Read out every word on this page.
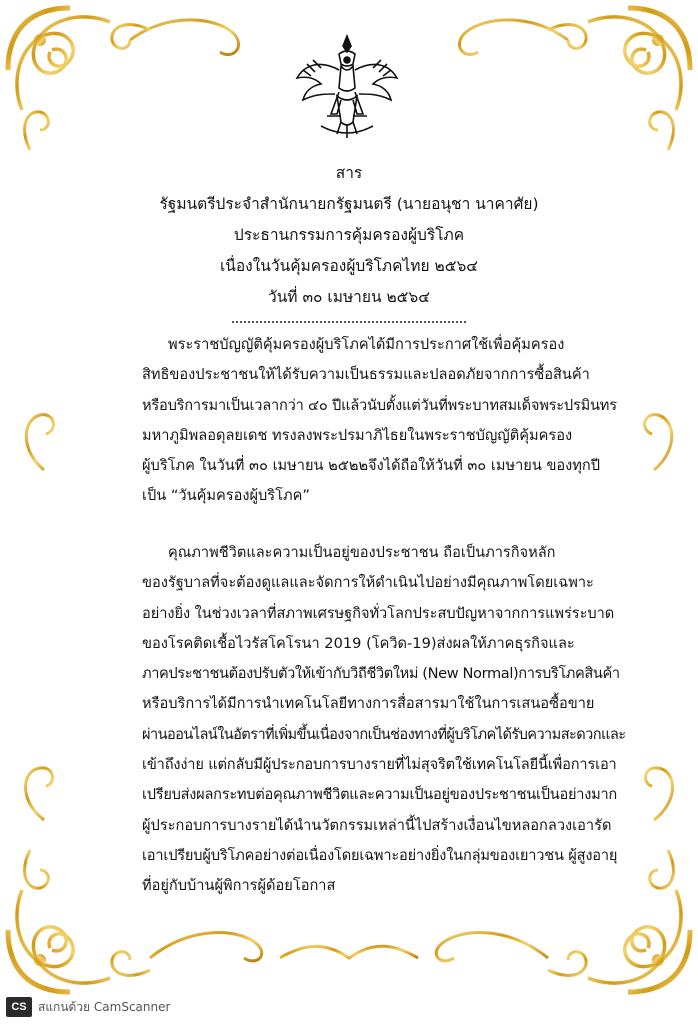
สาร
รัฐมนตรีประจำสำนักนายกรัฐมนตรี (นายอนุชา นาคาศัย)
ประธานกรรมการคุ้มครองผู้บริโภค
เนื่องในวันคุ้มครองผู้บริโภคไทย ๒๕๖๔
วันที่ ๓๐ เมษายน ๒๕๖๔
พระราชบัญญัติคุ้มครองผู้บริโภคได้มีการประกาศใช้เพื่อคุ้มครอง
สิทธิของประชาชนให้ได้รับความเป็นธรรมและปลอดภัยจากการซื้อสินค้า
หรือบริการมาเป็นเวลากว่า ๔๐ ปีแล้วนับตั้งแต่วันที่พระบาทสมเด็จพระปรมินทร
มหาภูมิพลอดุลยเดช ทรงลงพระปรมาภิไธยในพระราชบัญญัติคุ้มครอง
ผู้บริโภค ในวันที่ ๓๐ เมษายน ๒๕๒๒จึงได้ถือให้วันที่ ๓๐ เมษายน ของทุกปี
เป็น “วันคุ้มครองผู้บริโภค”
คุณภาพชีวิตและความเป็นอยู่ของประชาชน ถือเป็นภารกิจหลัก
ของรัฐบาลที่จะต้องดูแลและจัดการให้ดำเนินไปอย่างมีคุณภาพโดยเฉพาะ
อย่างยิ่ง ในช่วงเวลาที่สภาพเศรษฐกิจทั่วโลกประสบปัญหาจากการแพร่ระบาด
ของโรคติดเชื้อไวรัสโคโรนา 2019 (โควิด-19)ส่งผลให้ภาคธุรกิจและ
ภาคประชาชนต้องปรับตัวให้เข้ากับวิถีชีวิตใหม่ (New Normal)การบริโภคสินค้า
หรือบริการได้มีการนำเทคโนโลยีทางการสื่อสารมาใช้ในการเสนอซื้อขาย
ผ่านออนไลน์ในอัตราที่เพิ่มขึ้นเนื่องจากเป็นช่องทางที่ผู้บริโภคได้รับความสะดวกและ
เข้าถึงง่าย แต่กลับมีผู้ประกอบการบางรายที่ไม่สุจริตใช้เทคโนโลยีนี้เพื่อการเอา
เปรียบส่งผลกระทบต่อคุณภาพชีวิตและความเป็นอยู่ของประชาชนเป็นอย่างมาก
ผู้ประกอบการบางรายได้นำนวัตกรรมเหล่านี้ไปสร้างเงื่อนไขหลอกลวงเอารัด
เอาเปรียบผู้บริโภคอย่างต่อเนื่องโดยเฉพาะอย่างยิ่งในกลุ่มของเยาวชน ผู้สูงอายุ
ที่อยู่กับบ้านผู้พิการผู้ด้อยโอกาส
CS สแกนด้วย CamScanner
